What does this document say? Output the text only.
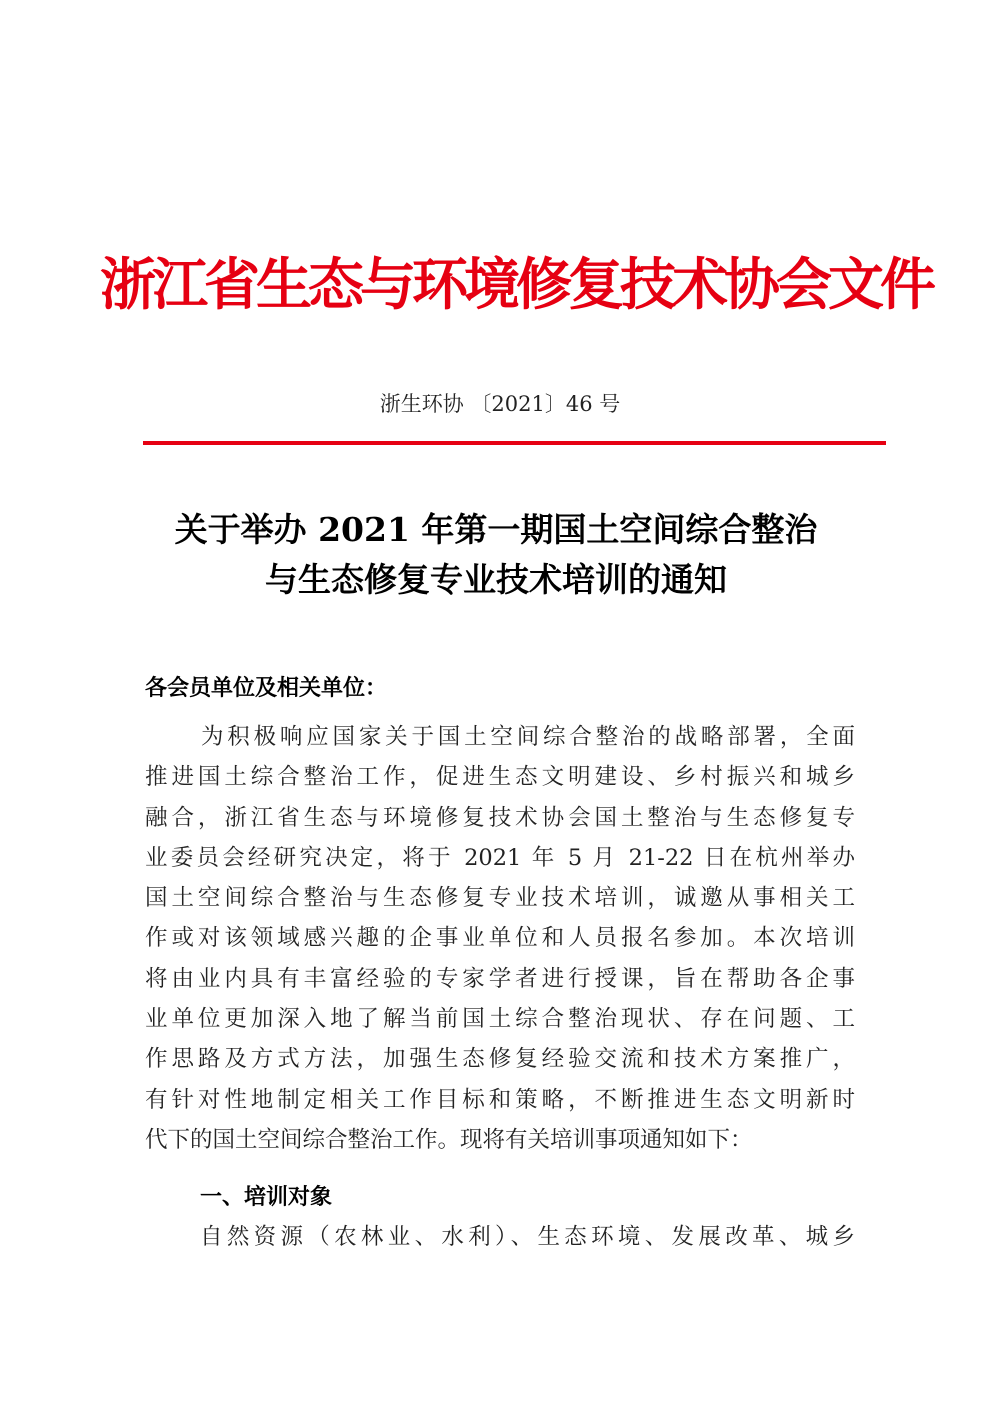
浙江省生态与环境修复技术协会文件
浙生环协 〔2021〕46 号
关于举办 2021 年第一期国土空间综合整治
与生态修复专业技术培训的通知
各会员单位及相关单位：
为积极响应国家关于国土空间综合整治的战略部署，全面
推进国土综合整治工作，促进生态文明建设、乡村振兴和城乡
融合，浙江省生态与环境修复技术协会国土整治与生态修复专
业委员会经研究决定，将于 2021 年 5 月 21-22 日在杭州举办
国土空间综合整治与生态修复专业技术培训，诚邀从事相关工
作或对该领域感兴趣的企事业单位和人员报名参加。本次培训
将由业内具有丰富经验的专家学者进行授课，旨在帮助各企事
业单位更加深入地了解当前国土综合整治现状、存在问题、工
作思路及方式方法，加强生态修复经验交流和技术方案推广，
有针对性地制定相关工作目标和策略，不断推进生态文明新时
代下的国土空间综合整治工作。现将有关培训事项通知如下：
一、培训对象
自然资源（农林业、水利）、生态环境、发展改革、城乡
